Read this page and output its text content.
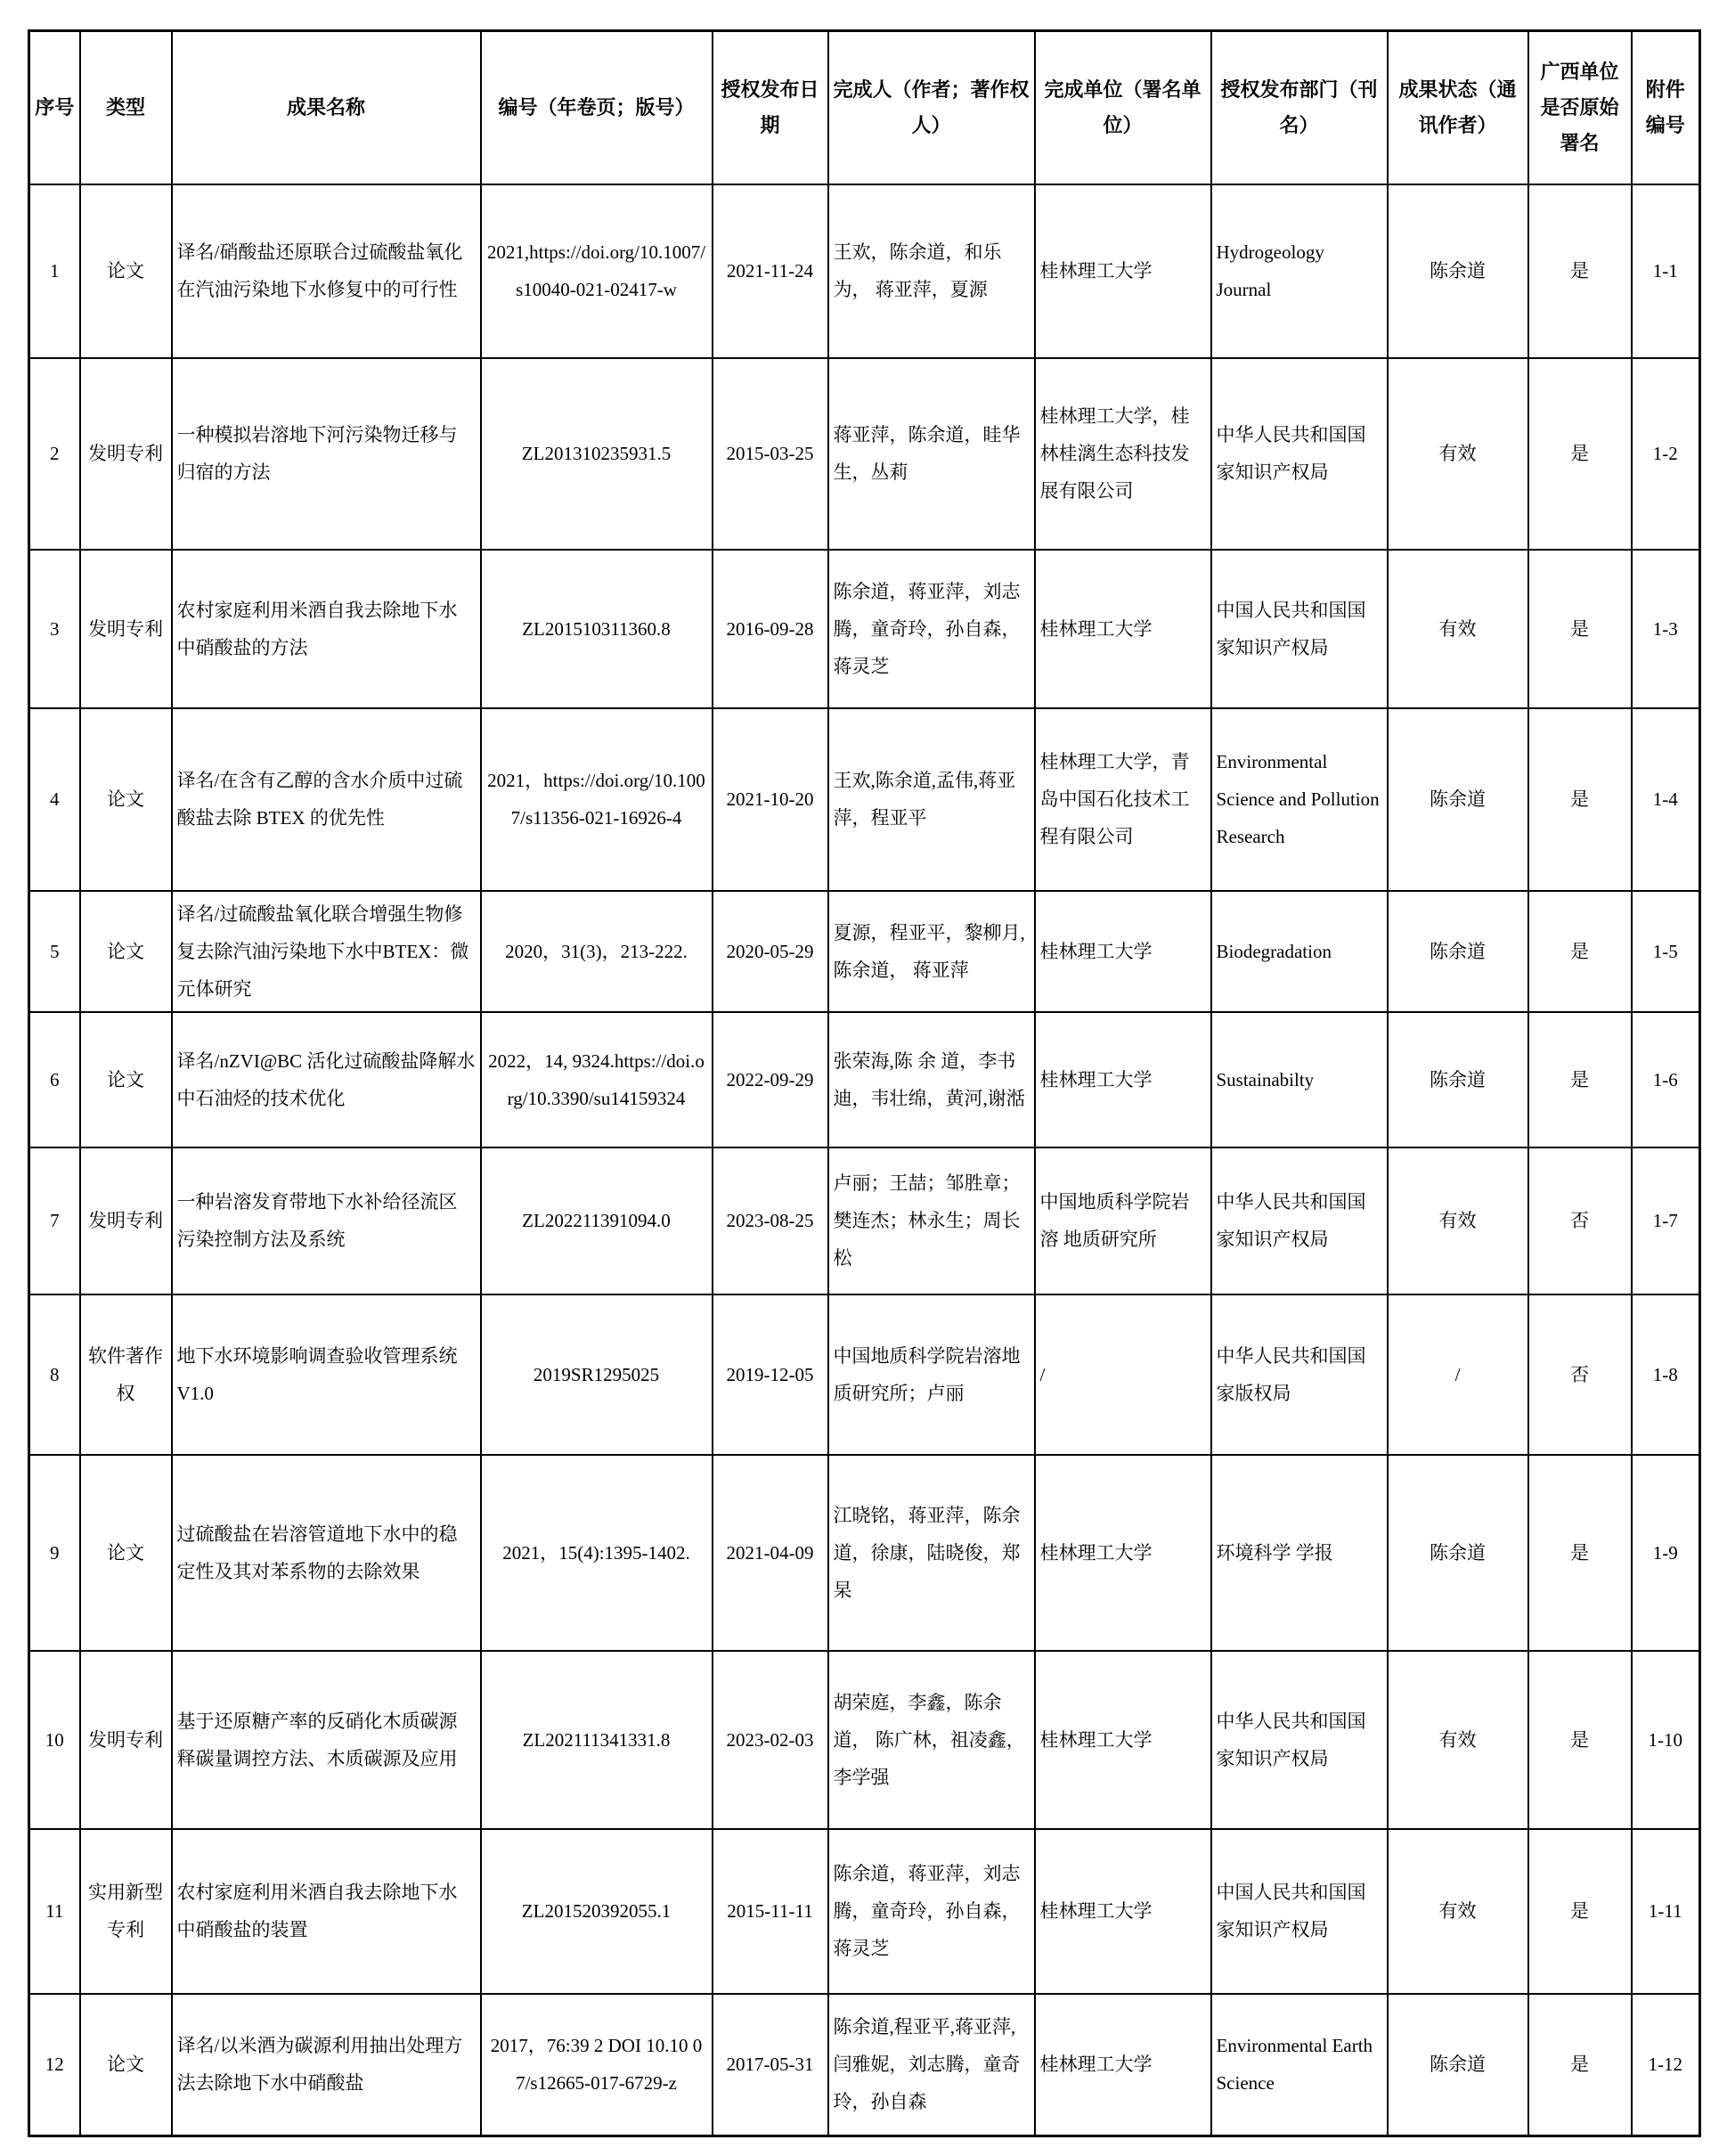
序号	类型	成果名称	编号（年卷页；版号）	授权发布日期	完成人（作者；著作权人）	完成单位（署名单位）	授权发布部门（刊名）	成果状态（通讯作者）	广西单位是否原始署名	附件编号
1	论文	译名/硝酸盐还原联合过硫酸盐氧化在汽油污染地下水修复中的可行性	2021,https://doi.org/10.1007/s10040-021-02417-w	2021-11-24	王欢，陈余道，和乐为， 蒋亚萍，夏源	桂林理工大学	Hydrogeology Journal	陈余道	是	1-1
2	发明专利	一种模拟岩溶地下河污染物迁移与归宿的方法	ZL201310235931.5	2015-03-25	蒋亚萍，陈余道，眭华生，丛莉	桂林理工大学，桂林桂漓生态科技发展有限公司	中华人民共和国国家知识产权局	有效	是	1-2
3	发明专利	农村家庭利用米酒自我去除地下水中硝酸盐的方法	ZL201510311360.8	2016-09-28	陈余道，蒋亚萍，刘志腾，童奇玲，孙自森，蒋灵芝	桂林理工大学	中国人民共和国国家知识产权局	有效	是	1-3
4	论文	译名/在含有乙醇的含水介质中过硫酸盐去除 BTEX 的优先性	2021，https://doi.org/10.1007/s11356-021-16926-4	2021-10-20	王欢,陈余道,孟伟,蒋亚萍，程亚平	桂林理工大学，青岛中国石化技术工程有限公司	Environmental Science and Pollution Research	陈余道	是	1-4
5	论文	译名/过硫酸盐氧化联合增强生物修复去除汽油污染地下水中BTEX：微元体研究	2020，31(3)，213-222.	2020-05-29	夏源，程亚平，黎柳月,陈余道， 蒋亚萍	桂林理工大学	Biodegradation	陈余道	是	1-5
6	论文	译名/nZVI@BC 活化过硫酸盐降解水中石油烃的技术优化	2022，14, 9324.https://doi.org/10.3390/su14159324	2022-09-29	张荣海,陈 余 道，李书迪，韦壮绵，黄河,谢湉	桂林理工大学	Sustainabilty	陈余道	是	1-6
7	发明专利	一种岩溶发育带地下水补给径流区污染控制方法及系统	ZL202211391094.0	2023-08-25	卢丽；王喆；邹胜章；樊连杰；林永生；周长松	中国地质科学院岩溶 地质研究所	中华人民共和国国家知识产权局	有效	否	1-7
8	软件著作权	地下水环境影响调查验收管理系统 V1.0	2019SR1295025	2019-12-05	中国地质科学院岩溶地质研究所；卢丽	/	中华人民共和国国家版权局	/	否	1-8
9	论文	过硫酸盐在岩溶管道地下水中的稳定性及其对苯系物的去除效果	2021，15(4):1395-1402.	2021-04-09	江晓铭，蒋亚萍，陈余道，徐康，陆晓俊，郑杲	桂林理工大学	环境科学 学报	陈余道	是	1-9
10	发明专利	基于还原糖产率的反硝化木质碳源释碳量调控方法、木质碳源及应用	ZL202111341331.8	2023-02-03	胡荣庭，李鑫，陈余道， 陈广林，祖凌鑫， 李学强	桂林理工大学	中华人民共和国国家知识产权局	有效	是	1-10
11	实用新型专利	农村家庭利用米酒自我去除地下水中硝酸盐的装置	ZL201520392055.1	2015-11-11	陈余道，蒋亚萍，刘志腾，童奇玲，孙自森， 蒋灵芝	桂林理工大学	中国人民共和国国家知识产权局	有效	是	1-11
12	论文	译名/以米酒为碳源利用抽出处理方法去除地下水中硝酸盐	2017，76:39 2 DOI 10.10 07/s12665-017-6729-z	2017-05-31	陈余道,程亚平,蒋亚萍,闫雅妮，刘志腾，童奇玲，孙自森	桂林理工大学	Environmental Earth Science	陈余道	是	1-12
